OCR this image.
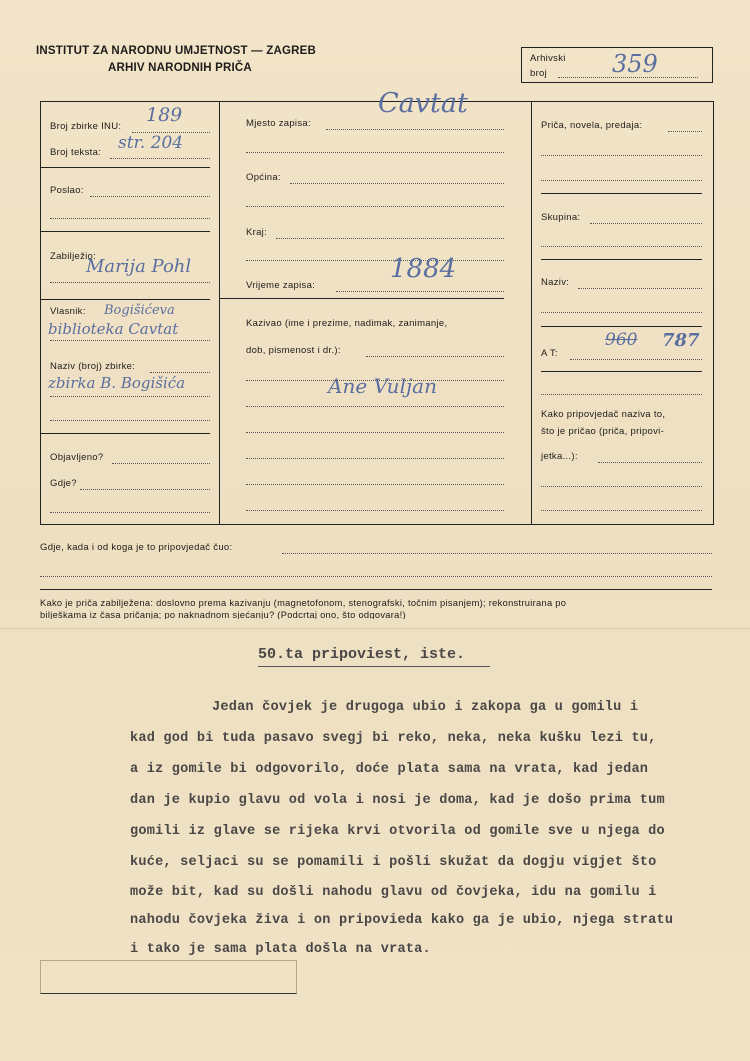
INSTITUT ZA NARODNU UMJETNOST — ZAGREB
ARHIV NARODNIH PRIČA
Arhivski
broj	359
Broj zbirke INU:
189
Broj teksta: str. 204
Poslao:
Zabilježio:
Marija Pohl
Vlasnik: Bogišićeva
biblioteka Cavtat
Naziv (broj) zbirke:
zbirka B. Bogišića
Objavljeno?
Gdje?
Mjesto zapisa:
Cavtat
Općina:
Kraj:
Vrijeme zapisa:
1884
Kazivao (ime i prezime, nadimak, zanimanje,
dob, pismenost i dr.):
Ane Vuljan
Priča, novela, predaja:
Skupina:
Naziv:
A T:
960 787
Kako pripovjedač naziva to,
što je pričao (priča, pripovi-
jetka...):
Gdje, kada i od koga je to pripovjedač čuo:
Kako je priča zabilježena: doslovno prema kazivanju (magnetofonom, stenografski, točnim pisanjem); rekonstruirana po
bilješkama iz časa pričanja; po naknadnom sjećanju? (Podcrtaj ono, što odgovara!)
50.ta pripoviest, iste.
Jedan čovjek je drugoga ubio i zakopa ga u gomilu i
kad god bi tuda pasavo svegj bi reko, neka, neka kušku lezi tu,
a iz gomile bi odgovorilo, doće plata sama na vrata, kad jedan
dan je kupio glavu od vola i nosi je doma, kad je došo prima tum
gomili iz glave se rijeka krvi otvorila od gomile sve u njega do
kuće, seljaci su se pomamili i pošli skužat da dogju vigjet što
može bit, kad su došli nahodu glavu od čovjeka, idu na gomilu i
nahodu čovjeka živa i on pripovieda kako ga je ubio, njega stratu
i tako je sama plata došla na vrata.
